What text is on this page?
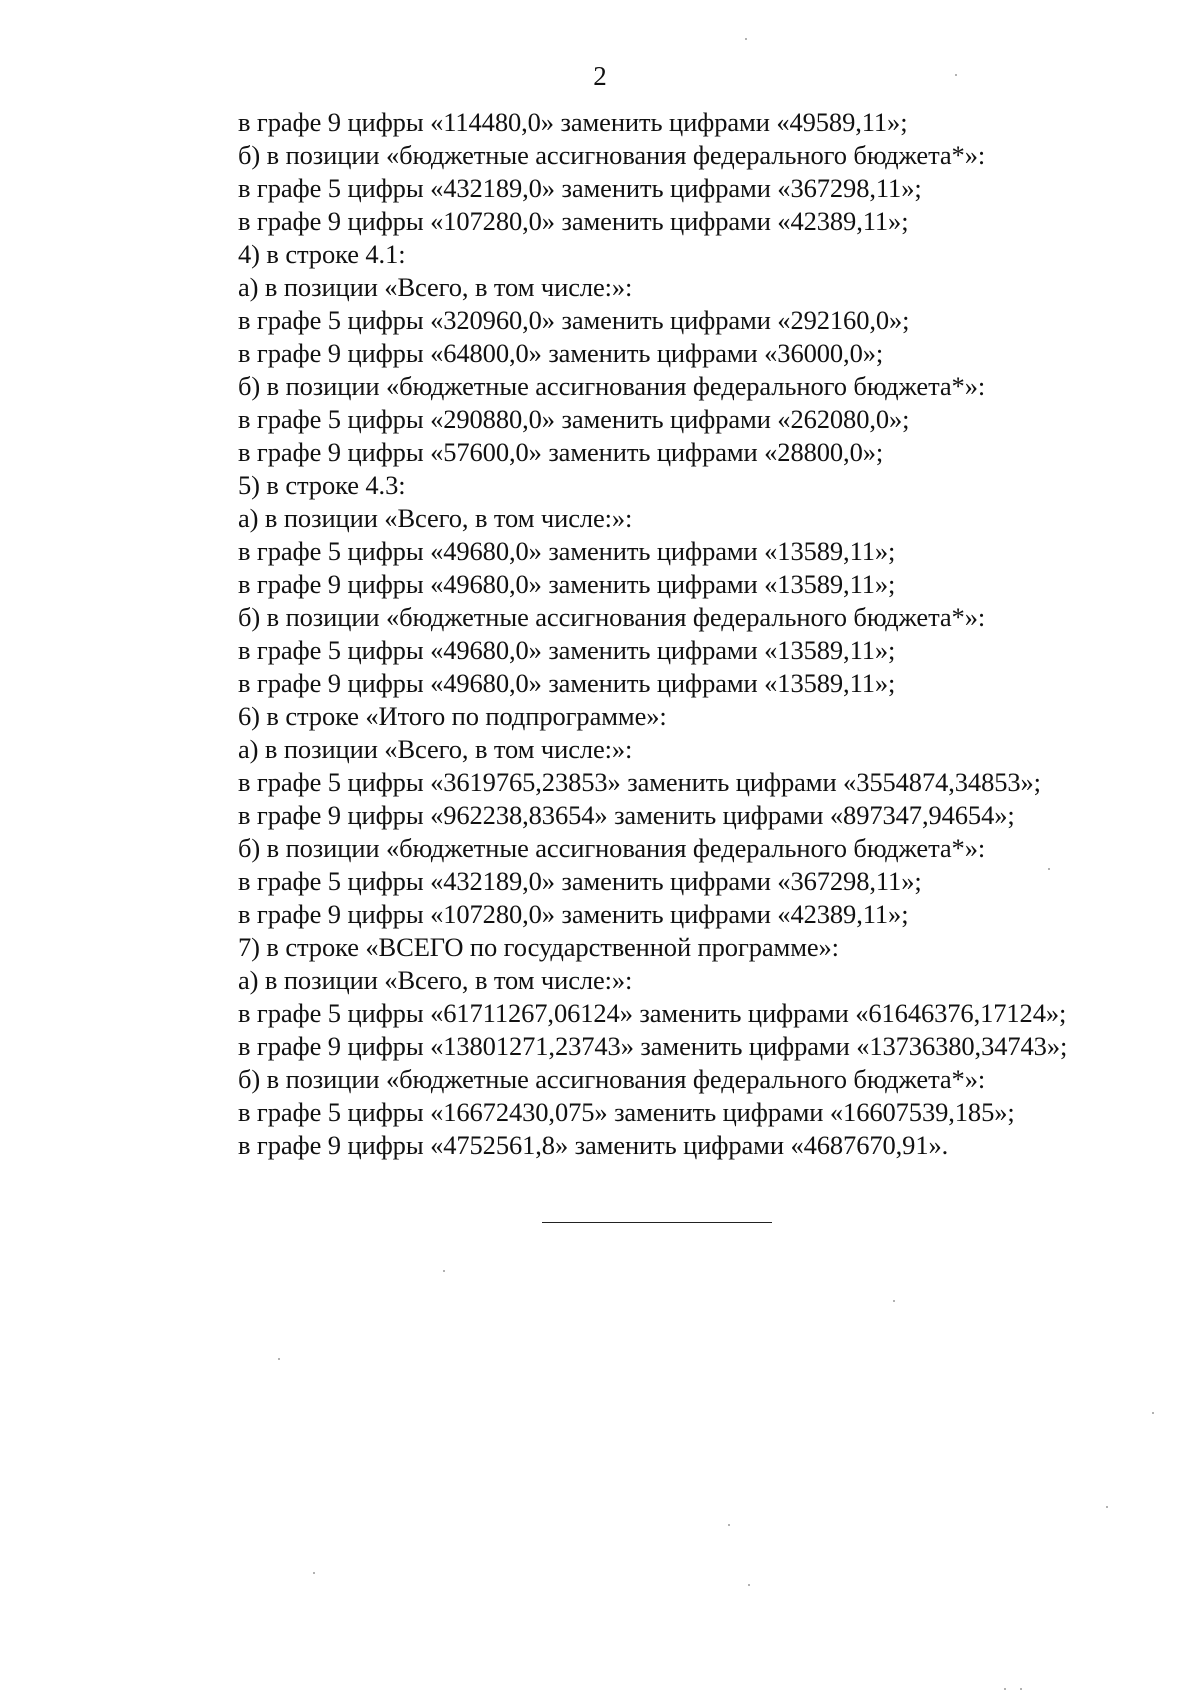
2
в графе 9 цифры «114480,0» заменить цифрами «49589,11»;
б) в позиции «бюджетные ассигнования федерального бюджета*»:
в графе 5 цифры «432189,0» заменить цифрами «367298,11»;
в графе 9 цифры «107280,0» заменить цифрами «42389,11»;
4) в строке 4.1:
а) в позиции «Всего, в том числе:»:
в графе 5 цифры «320960,0» заменить цифрами «292160,0»;
в графе 9 цифры «64800,0» заменить цифрами «36000,0»;
б) в позиции «бюджетные ассигнования федерального бюджета*»:
в графе 5 цифры «290880,0» заменить цифрами «262080,0»;
в графе 9 цифры «57600,0» заменить цифрами «28800,0»;
5) в строке 4.3:
а) в позиции «Всего, в том числе:»:
в графе 5 цифры «49680,0» заменить цифрами «13589,11»;
в графе 9 цифры «49680,0» заменить цифрами «13589,11»;
б) в позиции «бюджетные ассигнования федерального бюджета*»:
в графе 5 цифры «49680,0» заменить цифрами «13589,11»;
в графе 9 цифры «49680,0» заменить цифрами «13589,11»;
6) в строке «Итого по подпрограмме»:
а) в позиции «Всего, в том числе:»:
в графе 5 цифры «3619765,23853» заменить цифрами «3554874,34853»;
в графе 9 цифры «962238,83654» заменить цифрами «897347,94654»;
б) в позиции «бюджетные ассигнования федерального бюджета*»:
в графе 5 цифры «432189,0» заменить цифрами «367298,11»;
в графе 9 цифры «107280,0» заменить цифрами «42389,11»;
7) в строке «ВСЕГО по государственной программе»:
а) в позиции «Всего, в том числе:»:
в графе 5 цифры «61711267,06124» заменить цифрами «61646376,17124»;
в графе 9 цифры «13801271,23743» заменить цифрами «13736380,34743»;
б) в позиции «бюджетные ассигнования федерального бюджета*»:
в графе 5 цифры «16672430,075» заменить цифрами «16607539,185»;
в графе 9 цифры «4752561,8» заменить цифрами «4687670,91».
